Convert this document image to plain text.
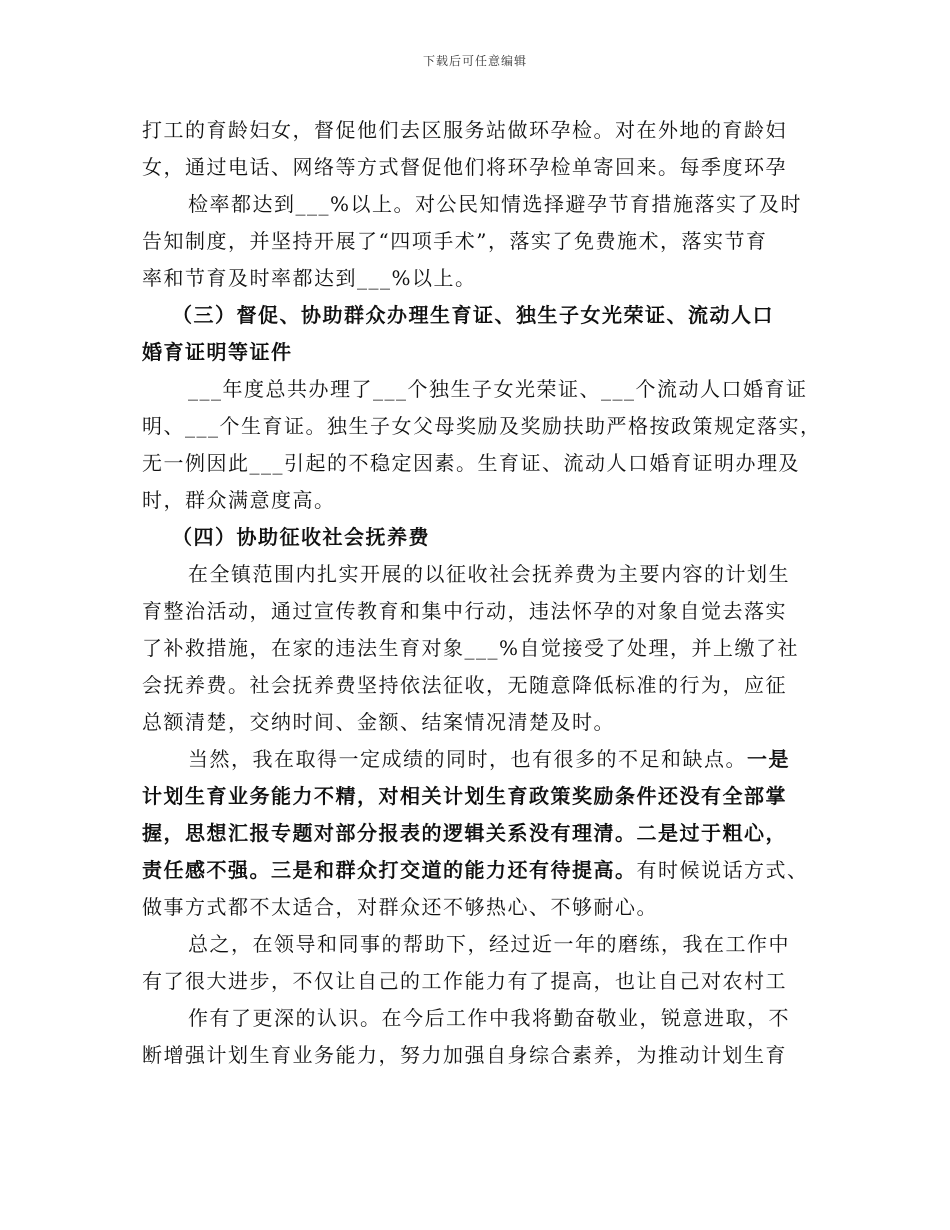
下载后可任意编辑
打工的育龄妇女，督促他们去区服务站做环孕检。对在外地的育龄妇
女，通过电话、网络等方式督促他们将环孕检单寄回来。每季度环孕
检率都达到___%以上。对公民知情选择避孕节育措施落实了及时
告知制度，并坚持开展了“四项手术”，落实了免费施术，落实节育
率和节育及时率都达到___%以上。
（三）督促、协助群众办理生育证、独生子女光荣证、流动人口
婚育证明等证件
___年度总共办理了___个独生子女光荣证、___个流动人口婚育证
明、___个生育证。独生子女父母奖励及奖励扶助严格按政策规定落实，
无一例因此___引起的不稳定因素。生育证、流动人口婚育证明办理及
时，群众满意度高。
（四）协助征收社会抚养费
在全镇范围内扎实开展的以征收社会抚养费为主要内容的计划生
育整治活动，通过宣传教育和集中行动，违法怀孕的对象自觉去落实
了补救措施，在家的违法生育对象___%自觉接受了处理，并上缴了社
会抚养费。社会抚养费坚持依法征收，无随意降低标准的行为，应征
总额清楚，交纳时间、金额、结案情况清楚及时。
当然，我在取得一定成绩的同时，也有很多的不足和缺点。一是
计划生育业务能力不精，对相关计划生育政策奖励条件还没有全部掌
握，思想汇报专题对部分报表的逻辑关系没有理清。二是过于粗心，
责任感不强。三是和群众打交道的能力还有待提高。有时候说话方式、
做事方式都不太适合，对群众还不够热心、不够耐心。
总之，在领导和同事的帮助下，经过近一年的磨练，我在工作中
有了很大进步，不仅让自己的工作能力有了提高，也让自己对农村工
作有了更深的认识。在今后工作中我将勤奋敬业，锐意进取，不
断增强计划生育业务能力，努力加强自身综合素养，为推动计划生育
